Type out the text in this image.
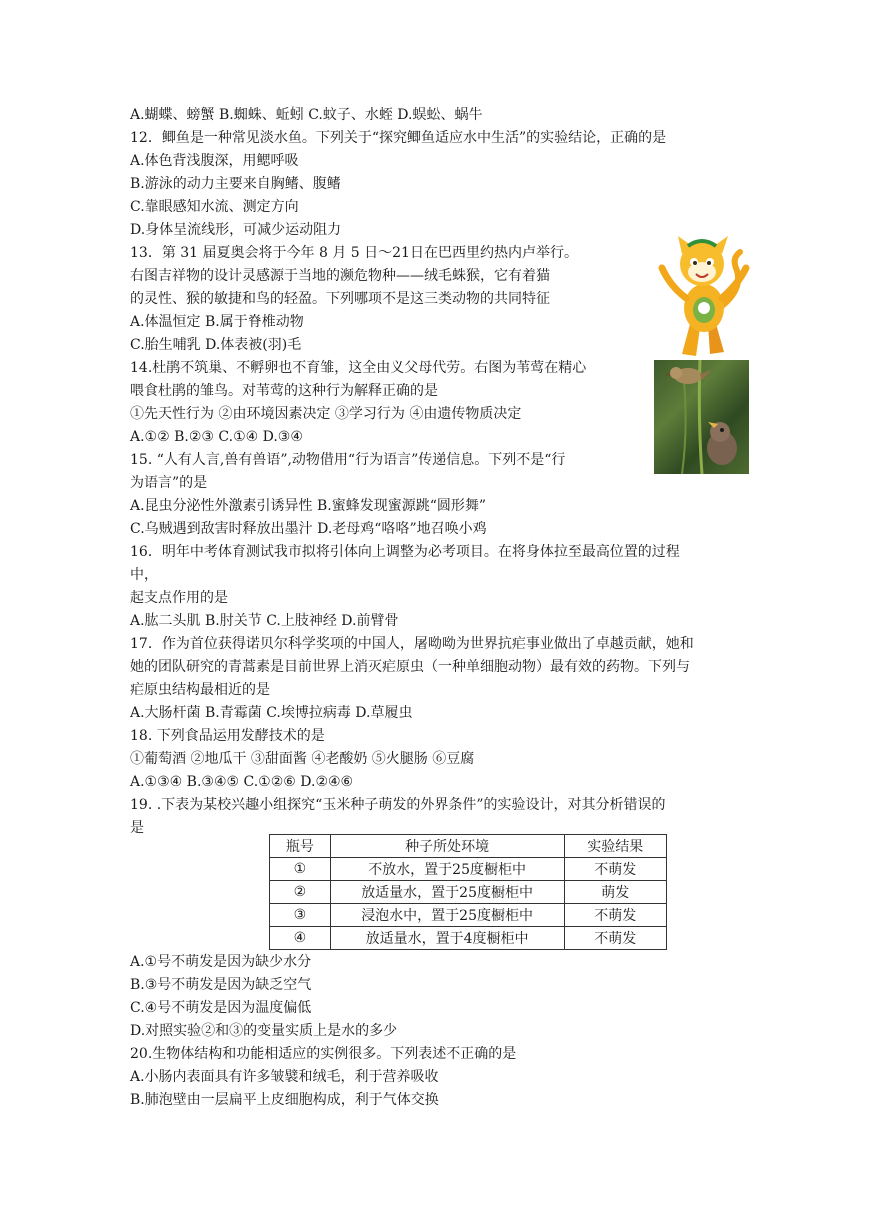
A.蝴蝶、螃蟹 B.蜘蛛、蚯蚓 C.蚊子、水蛭 D.蜈蚣、蜗牛
12．鲫鱼是一种常见淡水鱼。下列关于“探究鲫鱼适应水中生活”的实验结论，正确的是
A.体色背浅腹深，用鳃呼吸
B.游泳的动力主要来自胸鳍、腹鳍
C.靠眼感知水流、测定方向
D.身体呈流线形，可减少运动阻力
13．第 31 届夏奥会将于今年 8 月 5 日～21日在巴西里约热内卢举行。
右图吉祥物的设计灵感源于当地的濒危物种——绒毛蛛猴，它有着猫
的灵性、猴的敏捷和鸟的轻盈。下列哪项不是这三类动物的共同特征
A.体温恒定 B.属于脊椎动物
C.胎生哺乳 D.体表被(羽)毛
14.杜鹃不筑巢、不孵卵也不育雏，这全由义父母代劳。右图为苇莺在精心
喂食杜鹃的雏鸟。对苇莺的这种行为解释正确的是
①先天性行为 ②由环境因素决定 ③学习行为 ④由遗传物质决定
A.①② B.②③ C.①④ D.③④
15. “人有人言,兽有兽语”,动物借用“行为语言”传递信息。下列不是“行
为语言”的是
A.昆虫分泌性外激素引诱异性 B.蜜蜂发现蜜源跳“圆形舞”
C.乌贼遇到敌害时释放出墨汁 D.老母鸡“咯咯”地召唤小鸡
16．明年中考体育测试我市拟将引体向上调整为必考项目。在将身体拉至最高位置的过程
中，
起支点作用的是
A.肱二头肌 B.肘关节 C.上肢神经 D.前臂骨
17．作为首位获得诺贝尔科学奖项的中国人，屠呦呦为世界抗疟事业做出了卓越贡献，她和
她的团队研究的青蒿素是目前世界上消灭疟原虫（一种单细胞动物）最有效的药物。下列与
疟原虫结构最相近的是
A.大肠杆菌 B.青霉菌 C.埃博拉病毒 D.草履虫
18. 下列食品运用发酵技术的是
①葡萄酒 ②地瓜干 ③甜面酱 ④老酸奶 ⑤火腿肠 ⑥豆腐
A.①③④ B.③④⑤ C.①②⑥ D.②④⑥
19. .下表为某校兴趣小组探究“玉米种子萌发的外界条件”的实验设计，对其分析错误的
是
瓶号	种子所处环境	实验结果
①	不放水，置于25度橱柜中	不萌发
②	放适量水，置于25度橱柜中	萌发
③	浸泡水中，置于25度橱柜中	不萌发
④	放适量水，置于4度橱柜中	不萌发
A.①号不萌发是因为缺少水分
B.③号不萌发是因为缺乏空气
C.④号不萌发是因为温度偏低
D.对照实验②和③的变量实质上是水的多少
20.生物体结构和功能相适应的实例很多。下列表述不正确的是
A.小肠内表面具有许多皱襞和绒毛，利于营养吸收
B.肺泡壁由一层扁平上皮细胞构成，利于气体交换
